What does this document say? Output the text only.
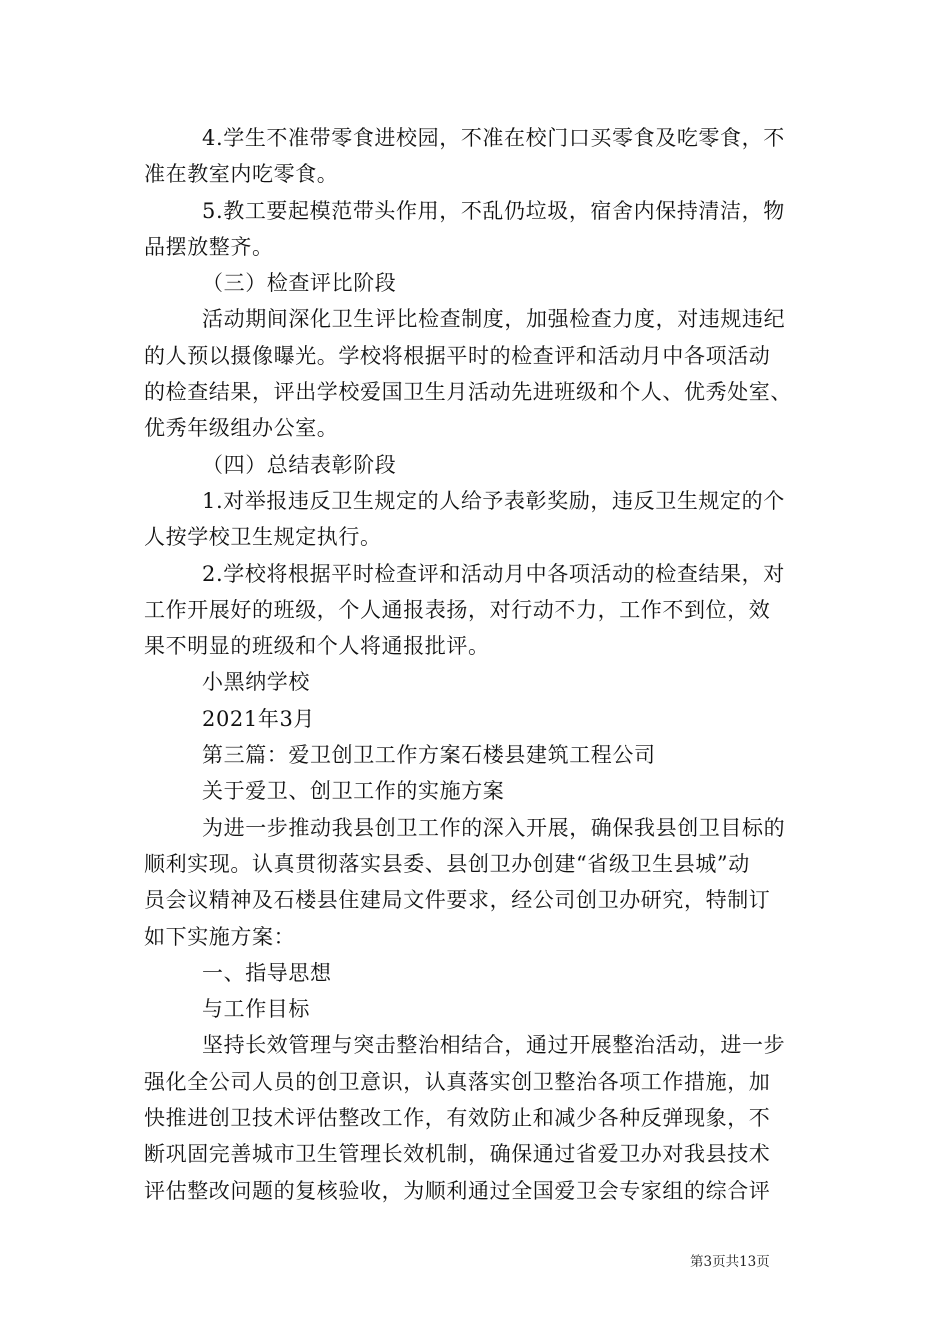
4.学生不准带零食进校园，不准在校门口买零食及吃零食，不
准在教室内吃零食。
5.教工要起模范带头作用，不乱仍垃圾，宿舍内保持清洁，物
品摆放整齐。
（三）检查评比阶段
活动期间深化卫生评比检查制度，加强检查力度，对违规违纪
的人预以摄像曝光。学校将根据平时的检查评和活动月中各项活动
的检查结果，评出学校爱国卫生月活动先进班级和个人、优秀处室、
优秀年级组办公室。
（四）总结表彰阶段
1.对举报违反卫生规定的人给予表彰奖励，违反卫生规定的个
人按学校卫生规定执行。
2.学校将根据平时检查评和活动月中各项活动的检查结果，对
工作开展好的班级，个人通报表扬，对行动不力，工作不到位，效
果不明显的班级和个人将通报批评。
小黑纳学校
2021年3月
第三篇：爱卫创卫工作方案石楼县建筑工程公司
关于爱卫、创卫工作的实施方案
为进一步推动我县创卫工作的深入开展，确保我县创卫目标的
顺利实现。认真贯彻落实县委、县创卫办创建“省级卫生县城”动
员会议精神及石楼县住建局文件要求，经公司创卫办研究，特制订
如下实施方案：
一、指导思想
与工作目标
坚持长效管理与突击整治相结合，通过开展整治活动，进一步
强化全公司人员的创卫意识，认真落实创卫整治各项工作措施，加
快推进创卫技术评估整改工作，有效防止和减少各种反弹现象，不
断巩固完善城市卫生管理长效机制，确保通过省爱卫办对我县技术
评估整改问题的复核验收，为顺利通过全国爱卫会专家组的综合评
第3页共13页
